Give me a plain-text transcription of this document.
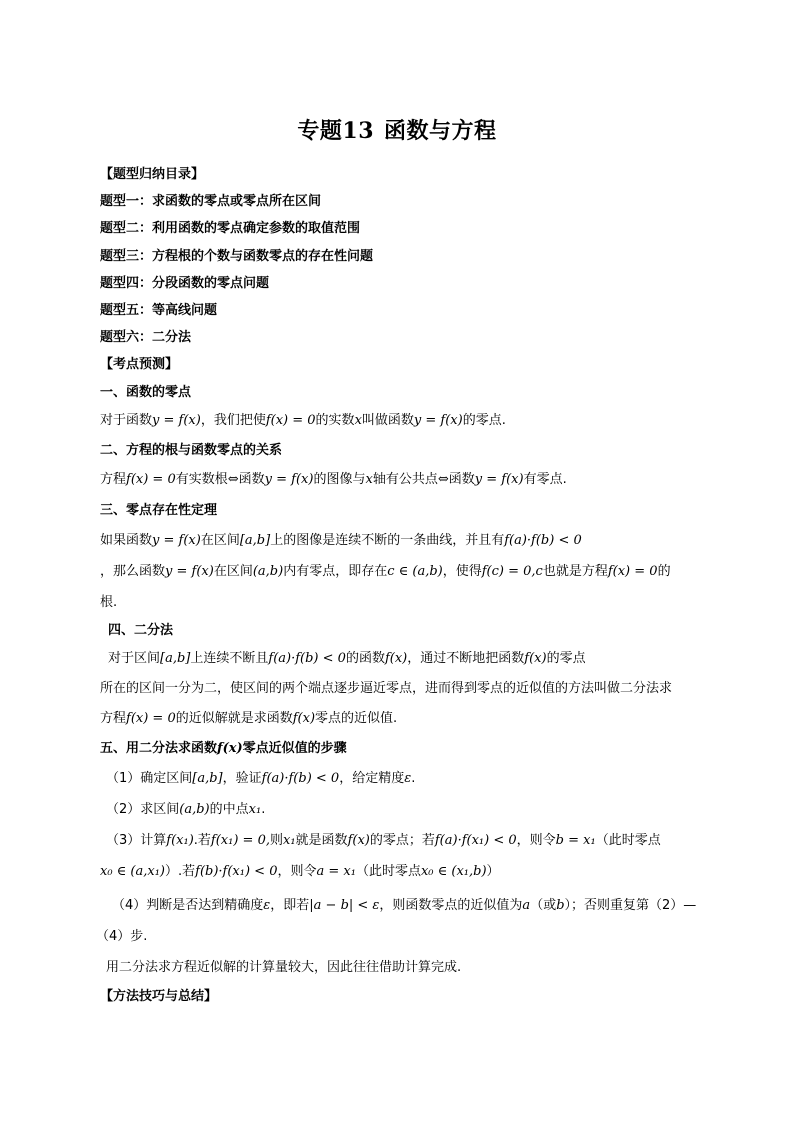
专题13 函数与方程
【题型归纳目录】
题型一：求函数的零点或零点所在区间
题型二：利用函数的零点确定参数的取值范围
题型三：方程根的个数与函数零点的存在性问题
题型四：分段函数的零点问题
题型五：等高线问题
题型六：二分法
【考点预测】
一、函数的零点
对于函数y = f(x)，我们把使f(x) = 0的实数x叫做函数y = f(x)的零点.
二、方程的根与函数零点的关系
方程f(x) = 0有实数根⇔函数y = f(x)的图像与x轴有公共点⇔函数y = f(x)有零点.
三、零点存在性定理
如果函数y = f(x)在区间[a,b]上的图像是连续不断的一条曲线，并且有f(a)·f(b) < 0
，那么函数y = f(x)在区间(a,b)内有零点，即存在c ∈ (a,b)，使得f(c) = 0,c也就是方程f(x) = 0的
根.
四、二分法
对于区间[a,b]上连续不断且f(a)·f(b) < 0的函数f(x)，通过不断地把函数f(x)的零点
所在的区间一分为二，使区间的两个端点逐步逼近零点，进而得到零点的近似值的方法叫做二分法求
方程f(x) = 0的近似解就是求函数f(x)零点的近似值.
五、用二分法求函数f(x)零点近似值的步骤
（1）确定区间[a,b]，验证f(a)·f(b) < 0，给定精度ε.
（2）求区间(a,b)的中点x₁.
（3）计算f(x₁).若f(x₁) = 0,则x₁就是函数f(x)的零点；若f(a)·f(x₁) < 0，则令b = x₁（此时零点
x₀ ∈ (a,x₁)）.若f(b)·f(x₁) < 0，则令a = x₁（此时零点x₀ ∈ (x₁,b)）
（4）判断是否达到精确度ε，即若|a − b| < ε，则函数零点的近似值为a（或b）；否则重复第（2）—
（4）步.
用二分法求方程近似解的计算量较大，因此往往借助计算完成.
【方法技巧与总结】
